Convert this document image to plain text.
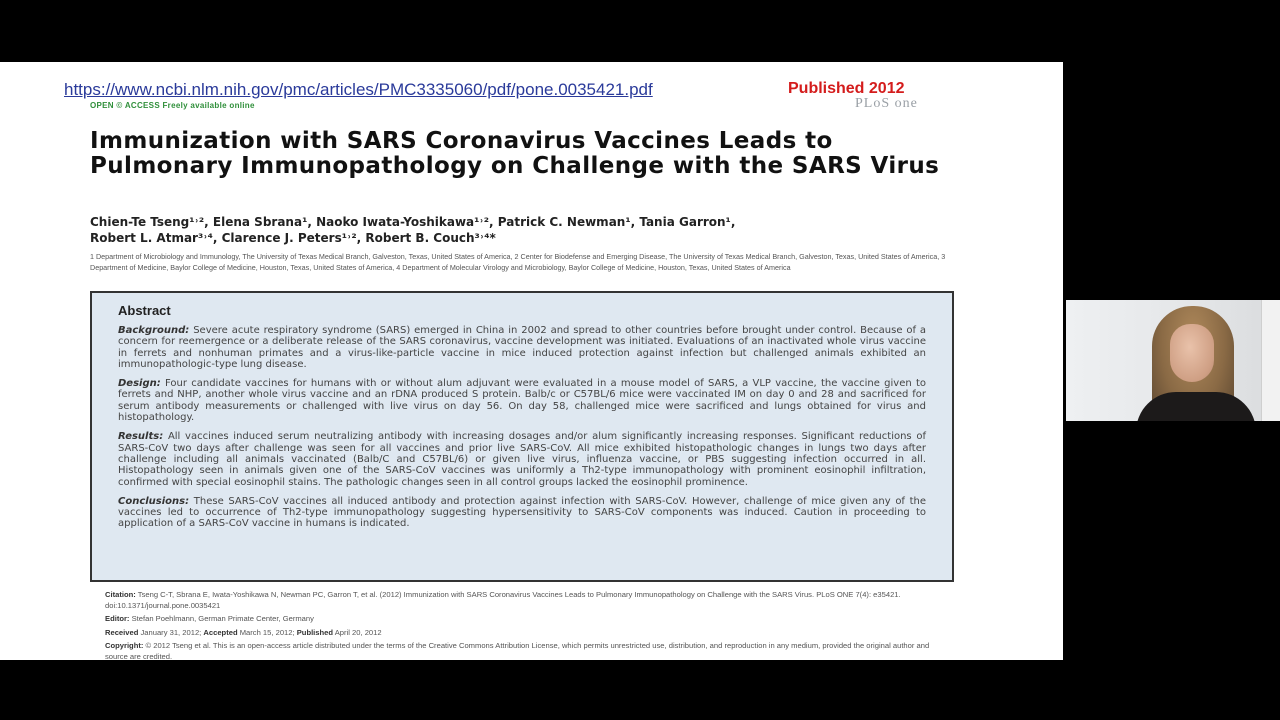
https://www.ncbi.nlm.nih.gov/pmc/articles/PMC3335060/pdf/pone.0035421.pdf	Published 2012
PLoS one
OPEN © ACCESS Freely available online
Immunization with SARS Coronavirus Vaccines Leads to Pulmonary Immunopathology on Challenge with the SARS Virus
Chien-Te Tseng¹˒², Elena Sbrana¹, Naoko Iwata-Yoshikawa¹˒², Patrick C. Newman¹, Tania Garron¹,
Robert L. Atmar³˒⁴, Clarence J. Peters¹˒², Robert B. Couch³˒⁴*
1 Department of Microbiology and Immunology, The University of Texas Medical Branch, Galveston, Texas, United States of America, 2 Center for Biodefense and Emerging Disease, The University of Texas Medical Branch, Galveston, Texas, United States of America, 3 Department of Medicine, Baylor College of Medicine, Houston, Texas, United States of America, 4 Department of Molecular Virology and Microbiology, Baylor College of Medicine, Houston, Texas, United States of America
Abstract
Background: Severe acute respiratory syndrome (SARS) emerged in China in 2002 and spread to other countries before brought under control. Because of a concern for reemergence or a deliberate release of the SARS coronavirus, vaccine development was initiated. Evaluations of an inactivated whole virus vaccine in ferrets and nonhuman primates and a virus-like-particle vaccine in mice induced protection against infection but challenged animals exhibited an immunopathologic-type lung disease.
Design: Four candidate vaccines for humans with or without alum adjuvant were evaluated in a mouse model of SARS, a VLP vaccine, the vaccine given to ferrets and NHP, another whole virus vaccine and an rDNA produced S protein. Balb/c or C57BL/6 mice were vaccinated IM on day 0 and 28 and sacrificed for serum antibody measurements or challenged with live virus on day 56. On day 58, challenged mice were sacrificed and lungs obtained for virus and histopathology.
Results: All vaccines induced serum neutralizing antibody with increasing dosages and/or alum significantly increasing responses. Significant reductions of SARS-CoV two days after challenge was seen for all vaccines and prior live SARS-CoV. All mice exhibited histopathologic changes in lungs two days after challenge including all animals vaccinated (Balb/C and C57BL/6) or given live virus, influenza vaccine, or PBS suggesting infection occurred in all. Histopathology seen in animals given one of the SARS-CoV vaccines was uniformly a Th2-type immunopathology with prominent eosinophil infiltration, confirmed with special eosinophil stains. The pathologic changes seen in all control groups lacked the eosinophil prominence.
Conclusions: These SARS-CoV vaccines all induced antibody and protection against infection with SARS-CoV. However, challenge of mice given any of the vaccines led to occurrence of Th2-type immunopathology suggesting hypersensitivity to SARS-CoV components was induced. Caution in proceeding to application of a SARS-CoV vaccine in humans is indicated.
Citation: Tseng C-T, Sbrana E, Iwata-Yoshikawa N, Newman PC, Garron T, et al. (2012) Immunization with SARS Coronavirus Vaccines Leads to Pulmonary Immunopathology on Challenge with the SARS Virus. PLoS ONE 7(4): e35421. doi:10.1371/journal.pone.0035421
Editor: Stefan Poehlmann, German Primate Center, Germany
Received January 31, 2012; Accepted March 15, 2012; Published April 20, 2012
Copyright: © 2012 Tseng et al. This is an open-access article distributed under the terms of the Creative Commons Attribution License, which permits unrestricted use, distribution, and reproduction in any medium, provided the original author and source are credited.
